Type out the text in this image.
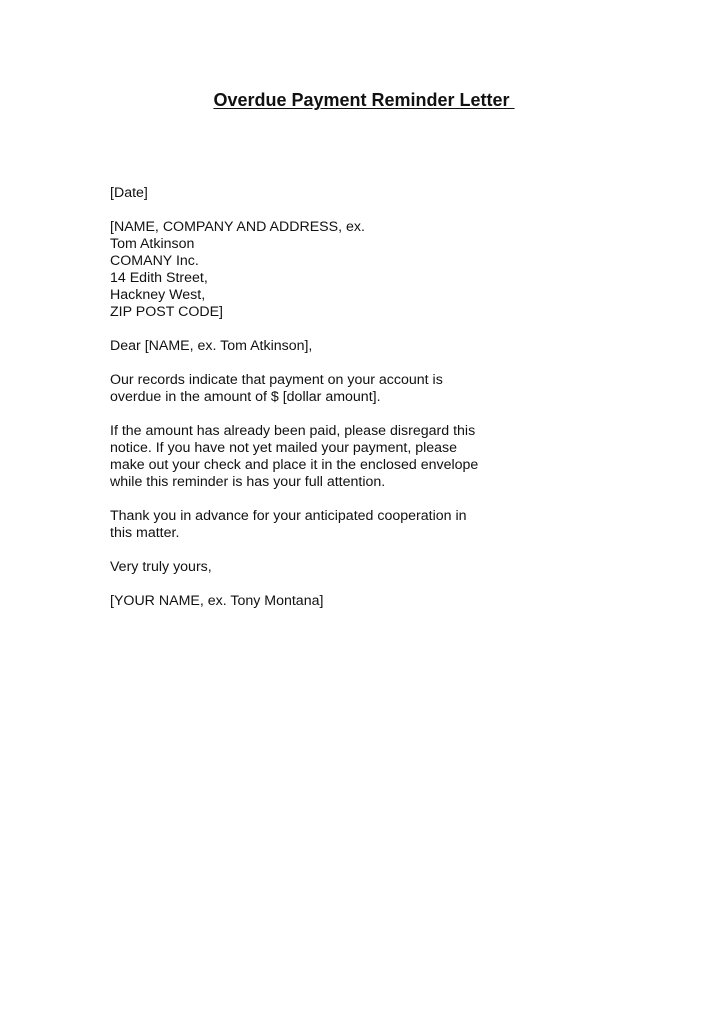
Overdue Payment Reminder Letter

[Date]

[NAME, COMPANY AND ADDRESS, ex.
Tom Atkinson
COMANY Inc.
14 Edith Street,
Hackney West,
ZIP POST CODE]

Dear [NAME, ex. Tom Atkinson],

Our records indicate that payment on your account is
overdue in the amount of $ [dollar amount].

If the amount has already been paid, please disregard this
notice. If you have not yet mailed your payment, please
make out your check and place it in the enclosed envelope
while this reminder is has your full attention.

Thank you in advance for your anticipated cooperation in
this matter.

Very truly yours,

[YOUR NAME, ex. Tony Montana]
